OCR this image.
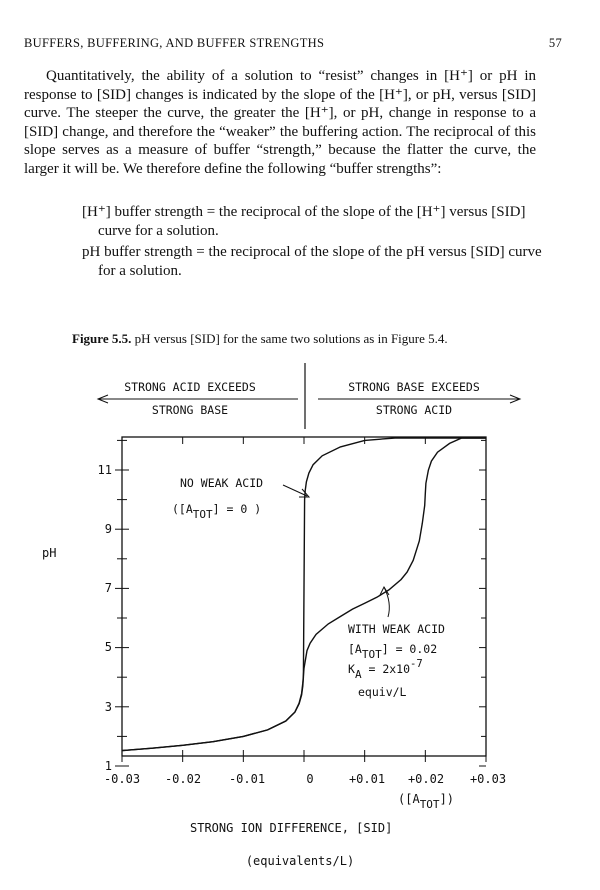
BUFFERS, BUFFERING, AND BUFFER STRENGTHS	57

Quantitatively, the ability of a solution to “resist” changes in [H⁺] or pH in response to [SID] changes is indicated by the slope of the [H⁺], or pH, versus [SID] curve. The steeper the curve, the greater the [H⁺], or pH, change in response to a [SID] change, and therefore the “weaker” the buffering action. The reciprocal of this slope serves as a measure of buffer “strength,” because the flatter the curve, the larger it will be. We therefore define the following “buffer strengths”:

[H⁺] buffer strength = the reciprocal of the slope of the [H⁺] versus [SID] curve for a solution.

pH buffer strength = the reciprocal of the slope of the pH versus [SID] curve for a solution.

Figure 5.5. pH versus [SID] for the same two solutions as in Figure 5.4.
STRONG ACID EXCEEDS
STRONG BASE
STRONG BASE EXCEEDS
STRONG ACID
11
9
7
5
3
1
-0.03 -0.02 -0.01	0	+0.01 +0.02 +0.03
pH
([ATOT])
STRONG ION DIFFERENCE, [SID]
(equivalents/L)
NO WEAK ACID
([ATOT] = 0 )
WITH WEAK ACID
[ATOT] = 0.02
KA = 2x10-7
equiv/L
